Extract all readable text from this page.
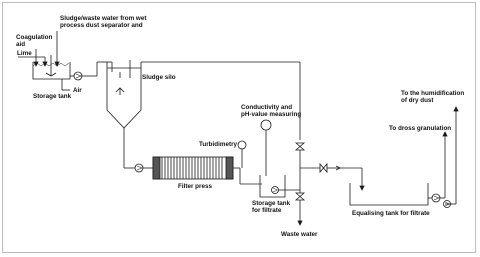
Coagulation
aid
Lime
Sludge/waste water from wet
process dust separator and
Air
Storage tank
Sludge silo
Conductivity and
pH-value measuring
Turbidimetry
Filter press
Storage tank
for filtrate
Waste water
To the humidification
of dry dust
To dross granulation
Equalising tank for filtrate
